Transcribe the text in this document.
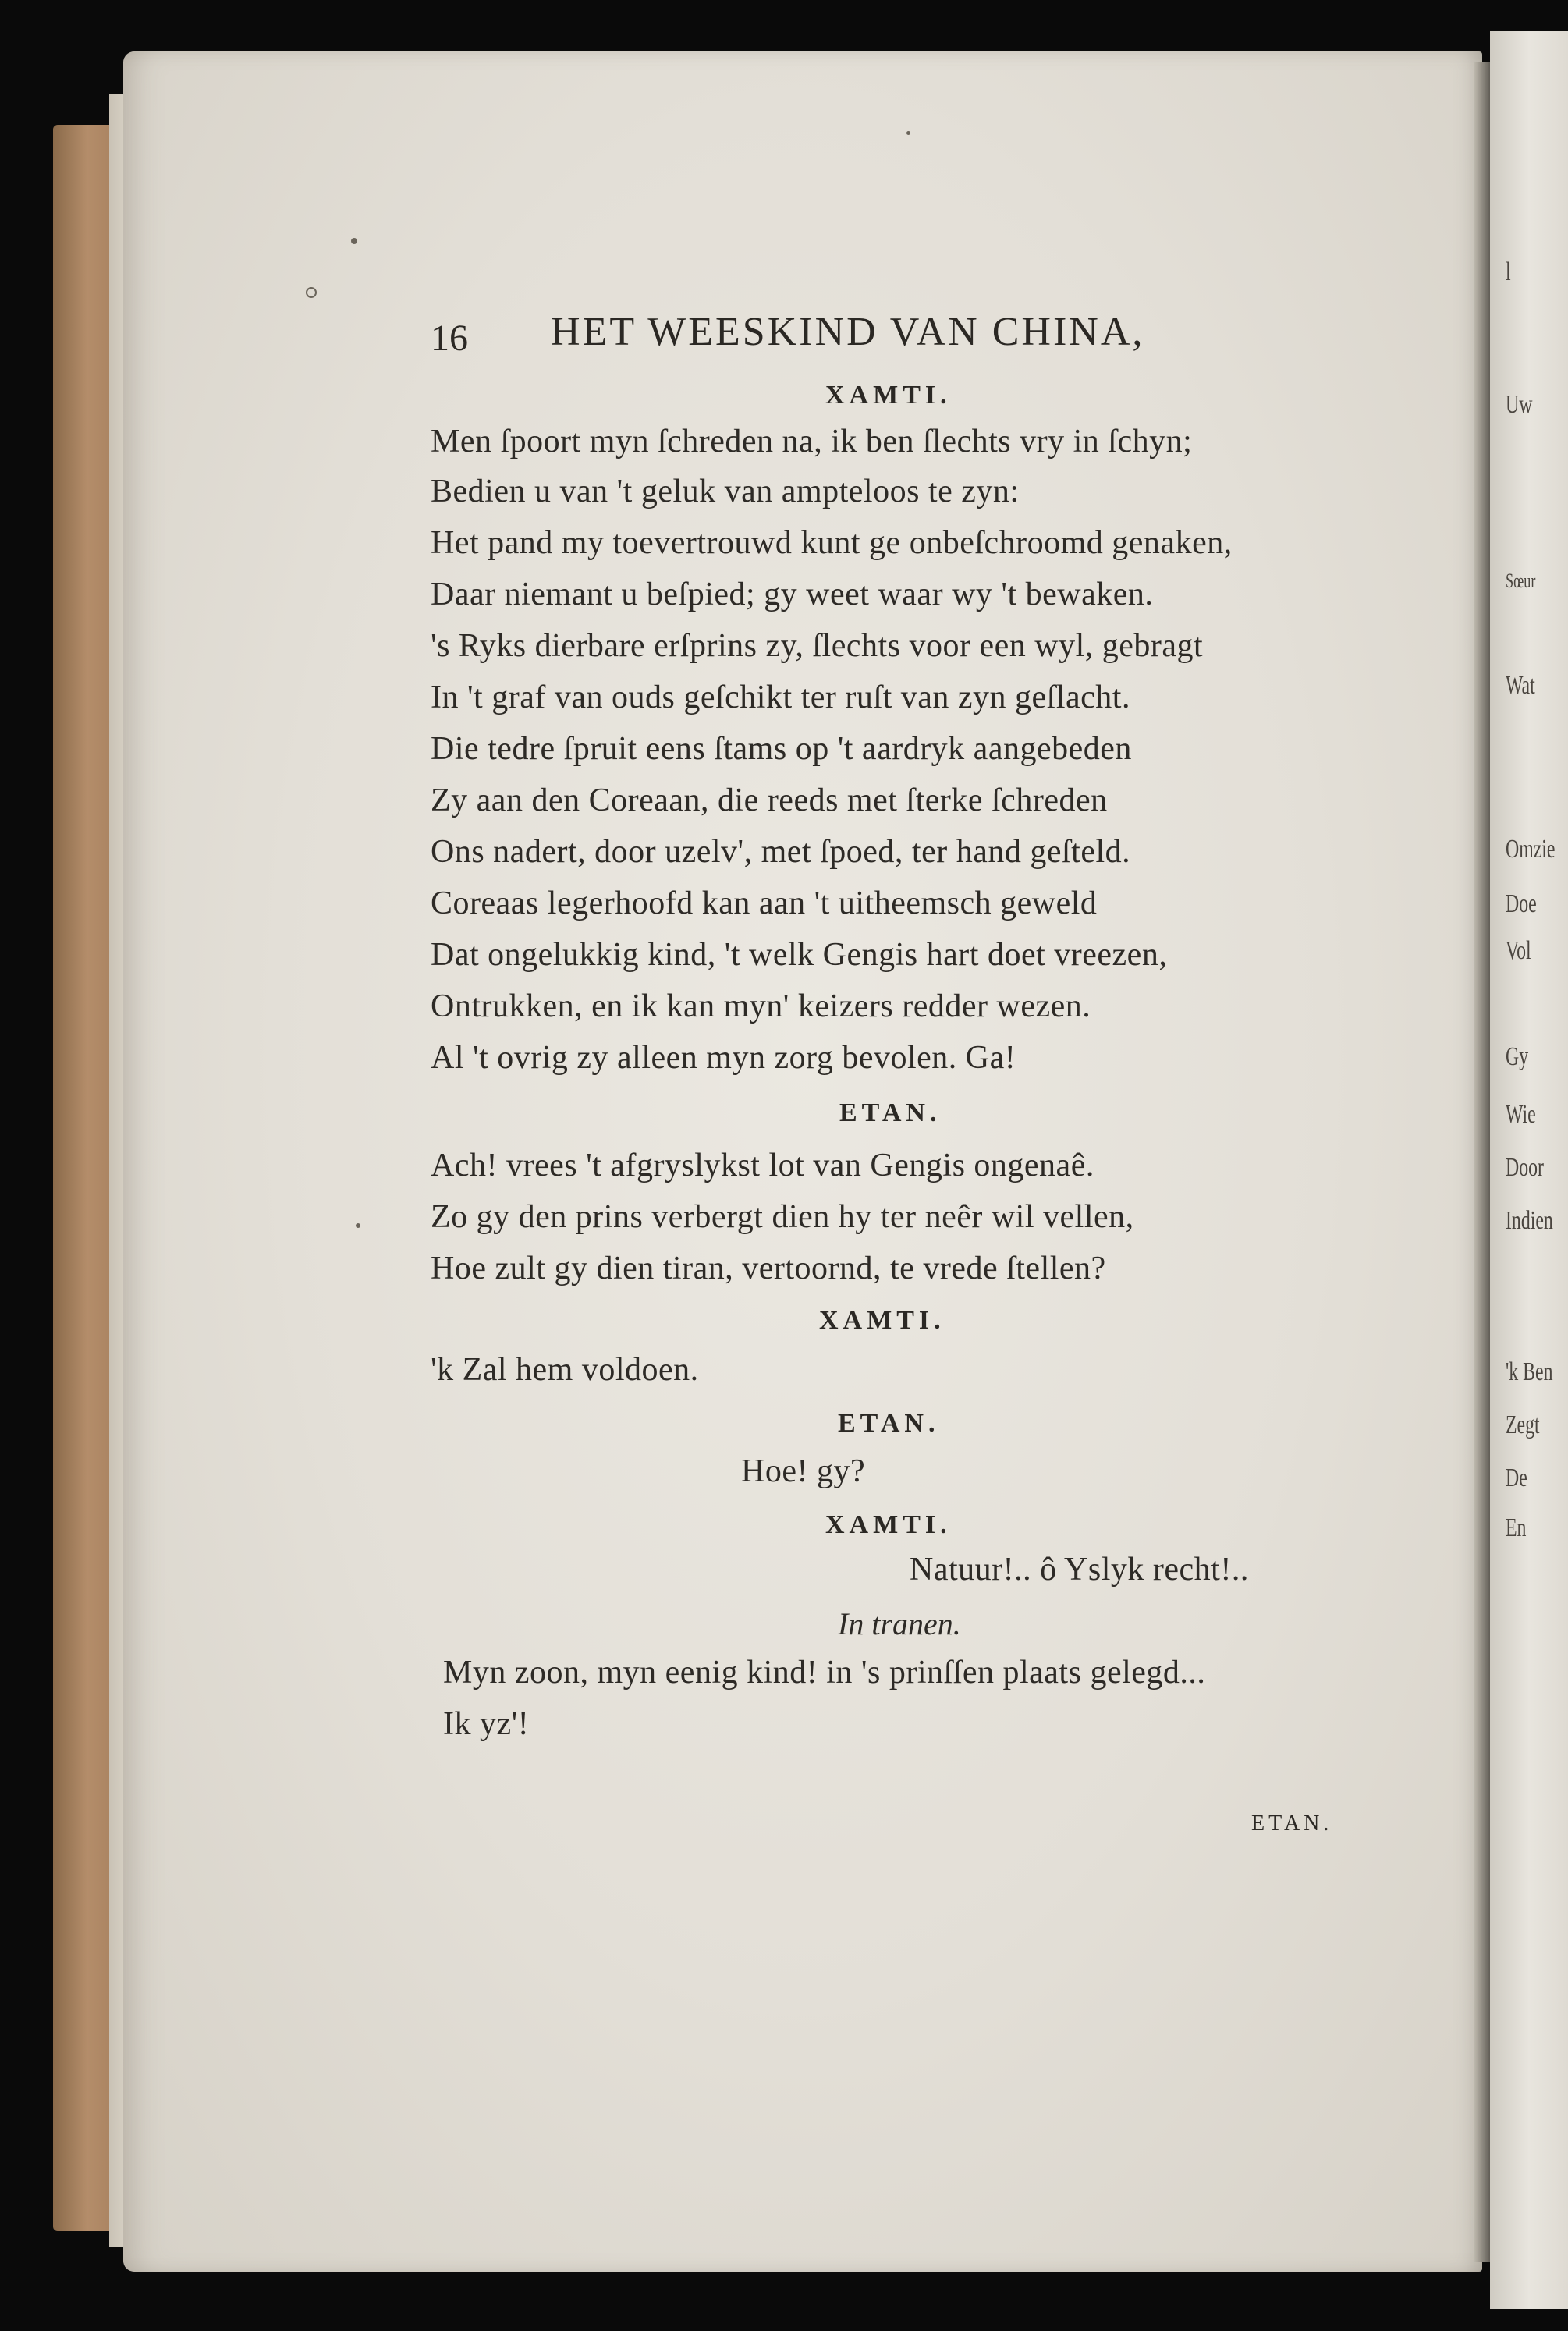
l
Uw
Sœur
Wat
Omzie
Doe
Vol
Gy
Wie
Door
Indien
'k Ben
Zegt
De
En
16 HET WEESKIND VAN CHINA,
XAMTI.
Men ſpoort myn ſchreden na, ik ben ſlechts vry in ſchyn;
Bedien u van 't geluk van ampteloos te zyn:
Het pand my toevertrouwd kunt ge onbeſchroomd genaken,
Daar niemant u beſpied; gy weet waar wy 't bewaken.
's Ryks dierbare erſprins zy, ſlechts voor een wyl, gebragt
In 't graf van ouds geſchikt ter ruſt van zyn geſlacht.
Die tedre ſpruit eens ſtams op 't aardryk aangebeden
Zy aan den Coreaan, die reeds met ſterke ſchreden
Ons nadert, door uzelv', met ſpoed, ter hand geſteld.
Coreaas legerhoofd kan aan 't uitheemsch geweld
Dat ongelukkig kind, 't welk Gengis hart doet vreezen,
Ontrukken, en ik kan myn' keizers redder wezen.
Al 't ovrig zy alleen myn zorg bevolen. Ga!
ETAN.
Ach! vrees 't afgryslykst lot van Gengis ongenaê.
Zo gy den prins verbergt dien hy ter neêr wil vellen,
Hoe zult gy dien tiran, vertoornd, te vrede ſtellen?
XAMTI.
'k Zal hem voldoen.
ETAN.
Hoe! gy?
XAMTI.
Natuur!.. ô Yslyk recht!..
In tranen.
Myn zoon, myn eenig kind! in 's prinſſen plaats gelegd...
Ik yz'!
ETAN.
